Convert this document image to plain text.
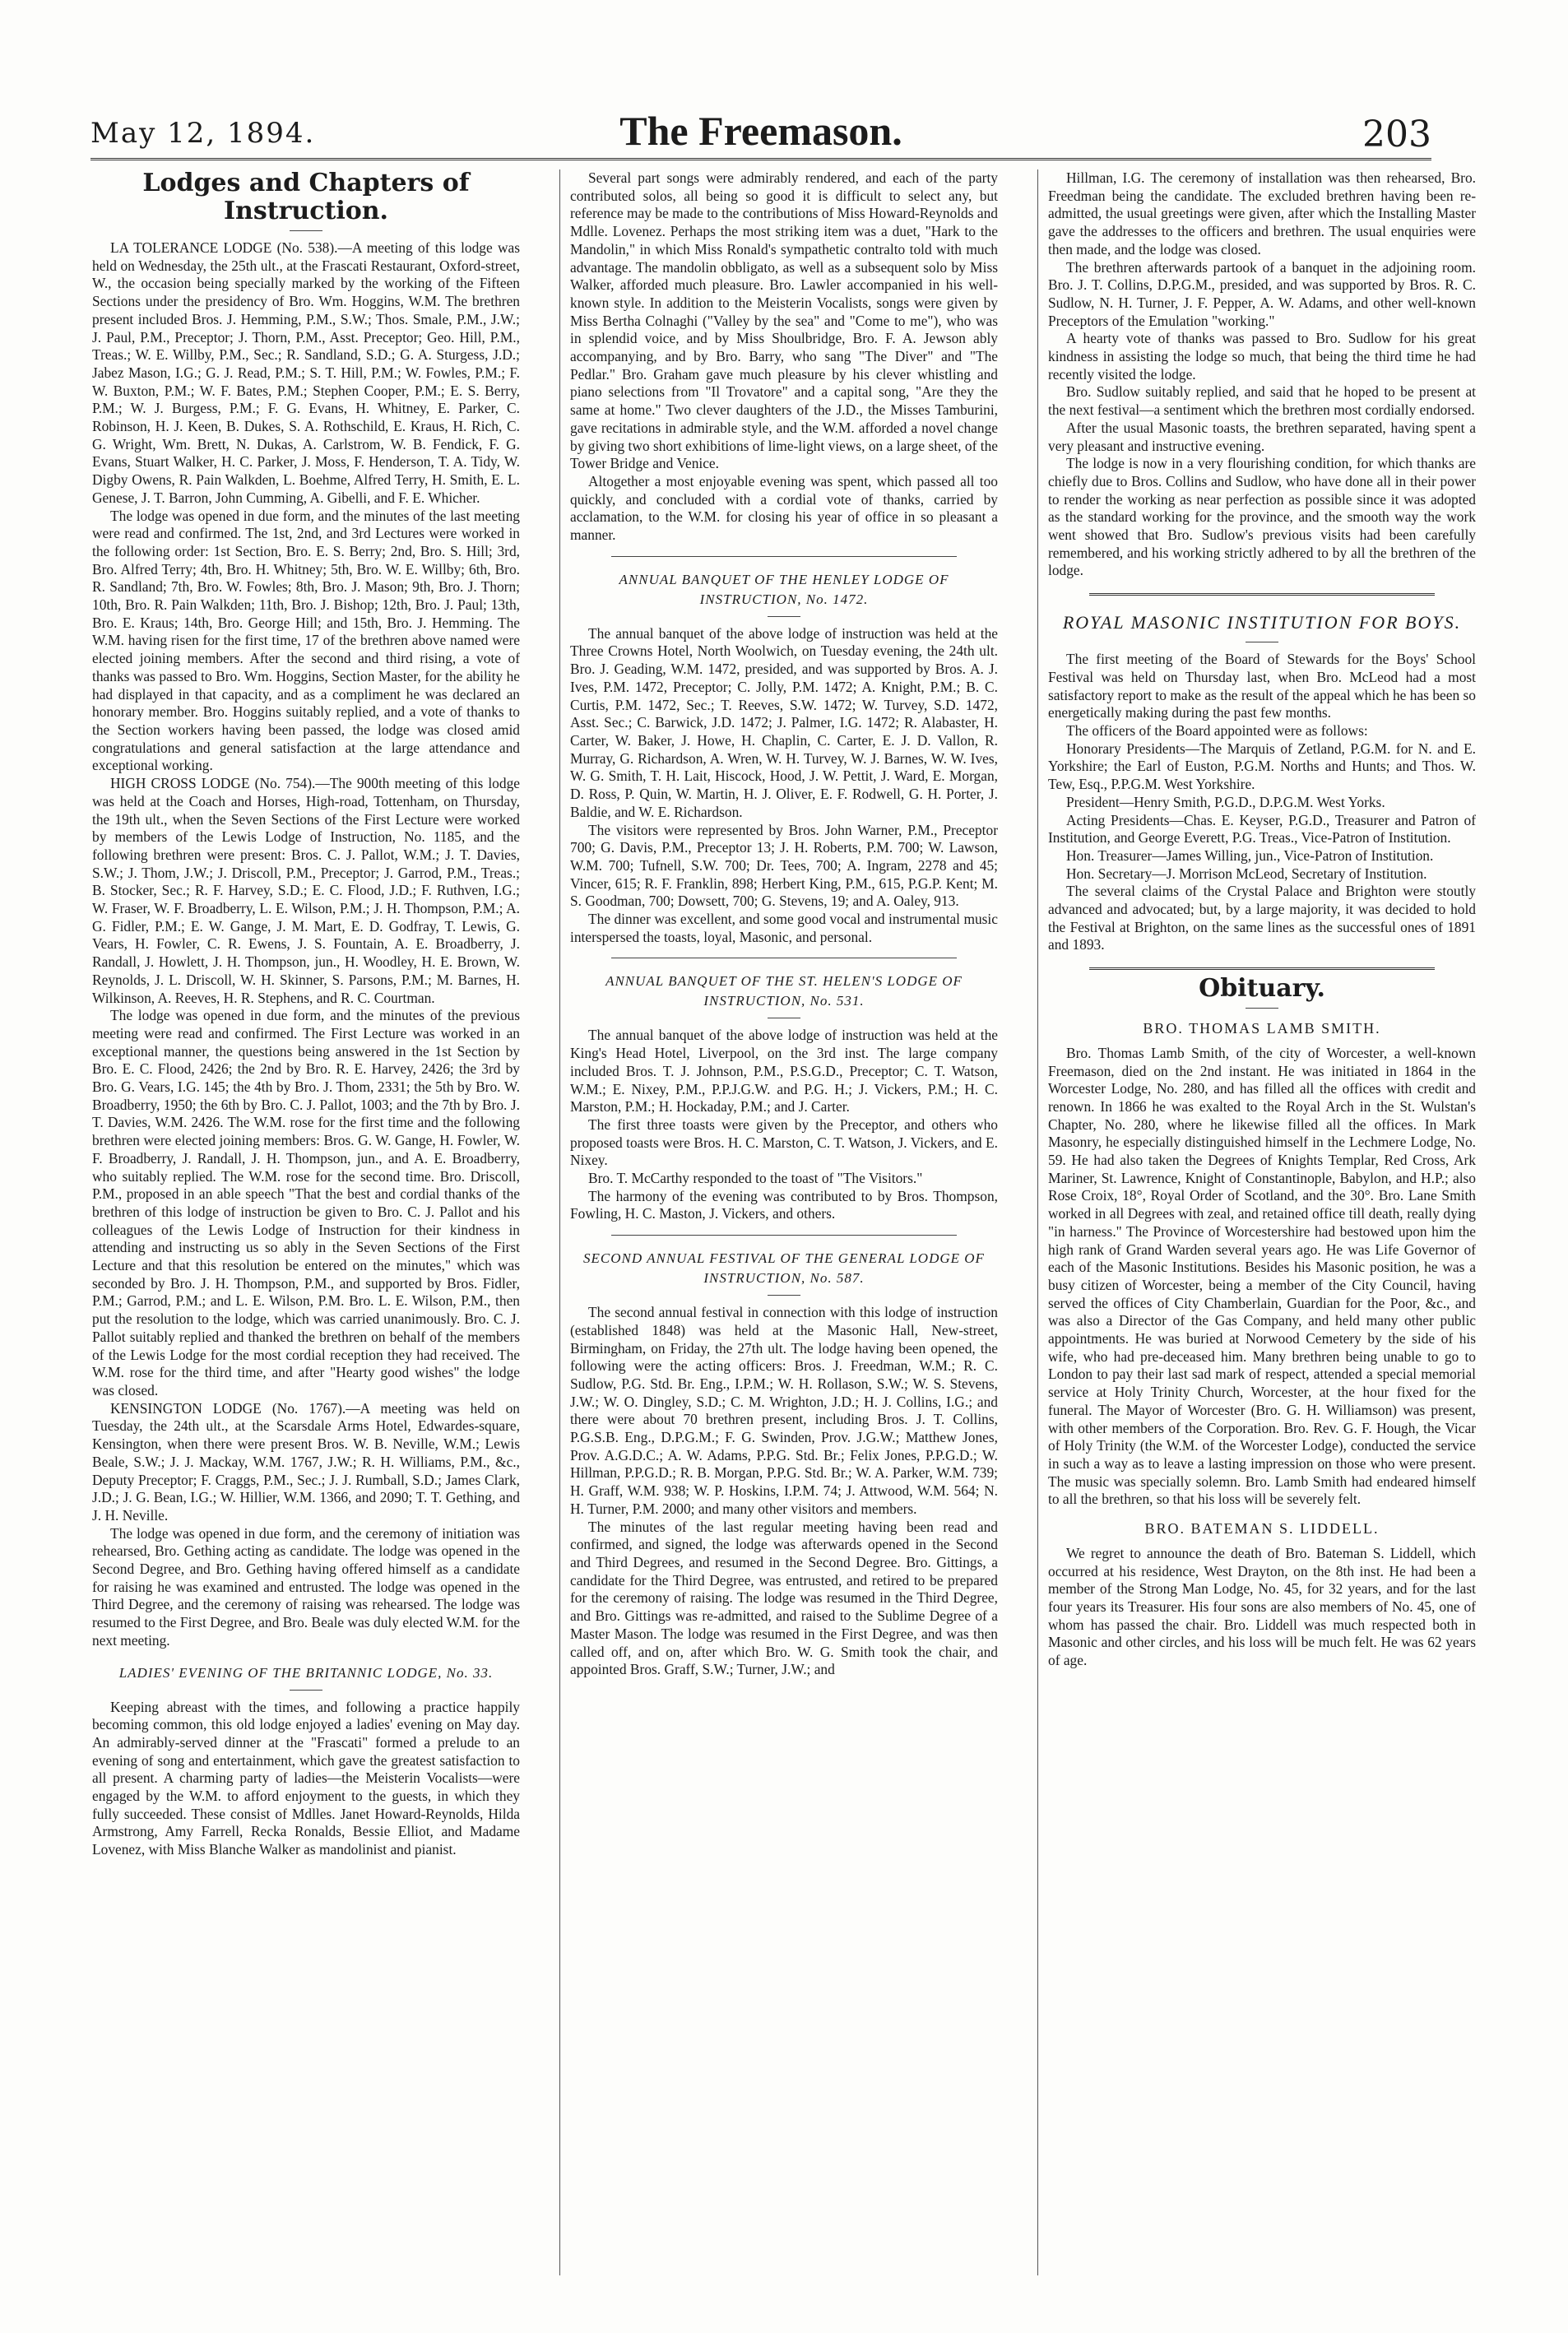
May 12, 1894.	The Freemason.	203
Lodges and Chapters of Instruction.

LA TOLERANCE LODGE (No. 538).—A meeting of this lodge was held on Wednesday, the 25th ult., at the Frascati Restaurant, Oxford-street, W., the occasion being specially marked by the working of the Fifteen Sections under the presidency of Bro. Wm. Hoggins, W.M. The brethren present included Bros. J. Hemming, P.M., S.W.; Thos. Smale, P.M., J.W.; J. Paul, P.M., Preceptor; J. Thorn, P.M., Asst. Preceptor; Geo. Hill, P.M., Treas.; W. E. Willby, P.M., Sec.; R. Sandland, S.D.; G. A. Sturgess, J.D.; Jabez Mason, I.G.; G. J. Read, P.M.; S. T. Hill, P.M.; W. Fowles, P.M.; F. W. Buxton, P.M.; W. F. Bates, P.M.; Stephen Cooper, P.M.; E. S. Berry, P.M.; W. J. Burgess, P.M.; F. G. Evans, H. Whitney, E. Parker, C. Robinson, H. J. Keen, B. Dukes, S. A. Rothschild, E. Kraus, H. Rich, C. G. Wright, Wm. Brett, N. Dukas, A. Carlstrom, W. B. Fendick, F. G. Evans, Stuart Walker, H. C. Parker, J. Moss, F. Henderson, T. A. Tidy, W. Digby Owens, R. Pain Walkden, L. Boehme, Alfred Terry, H. Smith, E. L. Genese, J. T. Barron, John Cumming, A. Gibelli, and F. E. Whicher.

The lodge was opened in due form, and the minutes of the last meeting were read and confirmed. The 1st, 2nd, and 3rd Lectures were worked in the following order: 1st Section, Bro. E. S. Berry; 2nd, Bro. S. Hill; 3rd, Bro. Alfred Terry; 4th, Bro. H. Whitney; 5th, Bro. W. E. Willby; 6th, Bro. R. Sandland; 7th, Bro. W. Fowles; 8th, Bro. J. Mason; 9th, Bro. J. Thorn; 10th, Bro. R. Pain Walkden; 11th, Bro. J. Bishop; 12th, Bro. J. Paul; 13th, Bro. E. Kraus; 14th, Bro. George Hill; and 15th, Bro. J. Hemming. The W.M. having risen for the first time, 17 of the brethren above named were elected joining members. After the second and third rising, a vote of thanks was passed to Bro. Wm. Hoggins, Section Master, for the ability he had displayed in that capacity, and as a compliment he was declared an honorary member. Bro. Hoggins suitably replied, and a vote of thanks to the Section workers having been passed, the lodge was closed amid congratulations and general satisfaction at the large attendance and exceptional working.

HIGH CROSS LODGE (No. 754).—The 900th meeting of this lodge was held at the Coach and Horses, High-road, Tottenham, on Thursday, the 19th ult., when the Seven Sections of the First Lecture were worked by members of the Lewis Lodge of Instruction, No. 1185, and the following brethren were present: Bros. C. J. Pallot, W.M.; J. T. Davies, S.W.; J. Thom, J.W.; J. Driscoll, P.M., Preceptor; J. Garrod, P.M., Treas.; B. Stocker, Sec.; R. F. Harvey, S.D.; E. C. Flood, J.D.; F. Ruthven, I.G.; W. Fraser, W. F. Broadberry, L. E. Wilson, P.M.; J. H. Thompson, P.M.; A. G. Fidler, P.M.; E. W. Gange, J. M. Mart, E. D. Godfray, T. Lewis, G. Vears, H. Fowler, C. R. Ewens, J. S. Fountain, A. E. Broadberry, J. Randall, J. Howlett, J. H. Thompson, jun., H. Woodley, H. E. Brown, W. Reynolds, J. L. Driscoll, W. H. Skinner, S. Parsons, P.M.; M. Barnes, H. Wilkinson, A. Reeves, H. R. Stephens, and R. C. Courtman.

The lodge was opened in due form, and the minutes of the previous meeting were read and confirmed. The First Lecture was worked in an exceptional manner, the questions being answered in the 1st Section by Bro. E. C. Flood, 2426; the 2nd by Bro. R. E. Harvey, 2426; the 3rd by Bro. G. Vears, I.G. 145; the 4th by Bro. J. Thom, 2331; the 5th by Bro. W. Broadberry, 1950; the 6th by Bro. C. J. Pallot, 1003; and the 7th by Bro. J. T. Davies, W.M. 2426. The W.M. rose for the first time and the following brethren were elected joining members: Bros. G. W. Gange, H. Fowler, W. F. Broadberry, J. Randall, J. H. Thompson, jun., and A. E. Broadberry, who suitably replied. The W.M. rose for the second time. Bro. Driscoll, P.M., proposed in an able speech "That the best and cordial thanks of the brethren of this lodge of instruction be given to Bro. C. J. Pallot and his colleagues of the Lewis Lodge of Instruction for their kindness in attending and instructing us so ably in the Seven Sections of the First Lecture and that this resolution be entered on the minutes," which was seconded by Bro. J. H. Thompson, P.M., and supported by Bros. Fidler, P.M.; Garrod, P.M.; and L. E. Wilson, P.M. Bro. L. E. Wilson, P.M., then put the resolution to the lodge, which was carried unanimously. Bro. C. J. Pallot suitably replied and thanked the brethren on behalf of the members of the Lewis Lodge for the most cordial reception they had received. The W.M. rose for the third time, and after "Hearty good wishes" the lodge was closed.

KENSINGTON LODGE (No. 1767).—A meeting was held on Tuesday, the 24th ult., at the Scarsdale Arms Hotel, Edwardes-square, Kensington, when there were present Bros. W. B. Neville, W.M.; Lewis Beale, S.W.; J. J. Mackay, W.M. 1767, J.W.; R. H. Williams, P.M., &c., Deputy Preceptor; F. Craggs, P.M., Sec.; J. J. Rumball, S.D.; James Clark, J.D.; J. G. Bean, I.G.; W. Hillier, W.M. 1366, and 2090; T. T. Gething, and J. H. Neville.

The lodge was opened in due form, and the ceremony of initiation was rehearsed, Bro. Gething acting as candidate. The lodge was opened in the Second Degree, and Bro. Gething having offered himself as a candidate for raising he was examined and entrusted. The lodge was opened in the Third Degree, and the ceremony of raising was rehearsed. The lodge was resumed to the First Degree, and Bro. Beale was duly elected W.M. for the next meeting.

LADIES' EVENING OF THE BRITANNIC LODGE, No. 33.

Keeping abreast with the times, and following a practice happily becoming common, this old lodge enjoyed a ladies' evening on May day. An admirably-served dinner at the "Frascati" formed a prelude to an evening of song and entertainment, which gave the greatest satisfaction to all present. A charming party of ladies—the Meisterin Vocalists—were engaged by the W.M. to afford enjoyment to the guests, in which they fully succeeded. These consist of Mdlles. Janet Howard-Reynolds, Hilda Armstrong, Amy Farrell, Recka Ronalds, Bessie Elliot, and Madame Lovenez, with Miss Blanche Walker as mandolinist and pianist.

Several part songs were admirably rendered, and each of the party contributed solos, all being so good it is difficult to select any, but reference may be made to the contributions of Miss Howard-Reynolds and Mdlle. Lovenez. Perhaps the most striking item was a duet, "Hark to the Mandolin," in which Miss Ronald's sympathetic contralto told with much advantage. The mandolin obbligato, as well as a subsequent solo by Miss Walker, afforded much pleasure. Bro. Lawler accompanied in his well-known style. In addition to the Meisterin Vocalists, songs were given by Miss Bertha Colnaghi ("Valley by the sea" and "Come to me"), who was in splendid voice, and by Miss Shoulbridge, Bro. F. A. Jewson ably accompanying, and by Bro. Barry, who sang "The Diver" and "The Pedlar." Bro. Graham gave much pleasure by his clever whistling and piano selections from "Il Trovatore" and a capital song, "Are they the same at home." Two clever daughters of the J.D., the Misses Tamburini, gave recitations in admirable style, and the W.M. afforded a novel change by giving two short exhibitions of lime-light views, on a large sheet, of the Tower Bridge and Venice.

Altogether a most enjoyable evening was spent, which passed all too quickly, and concluded with a cordial vote of thanks, carried by acclamation, to the W.M. for closing his year of office in so pleasant a manner.

ANNUAL BANQUET OF THE HENLEY LODGE OF INSTRUCTION, No. 1472.

The annual banquet of the above lodge of instruction was held at the Three Crowns Hotel, North Woolwich, on Tuesday evening, the 24th ult. Bro. J. Geading, W.M. 1472, presided, and was supported by Bros. A. J. Ives, P.M. 1472, Preceptor; C. Jolly, P.M. 1472; A. Knight, P.M.; B. C. Curtis, P.M. 1472, Sec.; T. Reeves, S.W. 1472; W. Turvey, S.D. 1472, Asst. Sec.; C. Barwick, J.D. 1472; J. Palmer, I.G. 1472; R. Alabaster, H. Carter, W. Baker, J. Howe, H. Chaplin, C. Carter, E. J. D. Vallon, R. Murray, G. Richardson, A. Wren, W. H. Turvey, W. J. Barnes, W. W. Ives, W. G. Smith, T. H. Lait, Hiscock, Hood, J. W. Pettit, J. Ward, E. Morgan, D. Ross, P. Quin, W. Martin, H. J. Oliver, E. F. Rodwell, G. H. Porter, J. Baldie, and W. E. Richardson.

The visitors were represented by Bros. John Warner, P.M., Preceptor 700; G. Davis, P.M., Preceptor 13; J. H. Roberts, P.M. 700; W. Lawson, W.M. 700; Tufnell, S.W. 700; Dr. Tees, 700; A. Ingram, 2278 and 45; Vincer, 615; R. F. Franklin, 898; Herbert King, P.M., 615, P.G.P. Kent; M. S. Goodman, 700; Dowsett, 700; G. Stevens, 19; and A. Oaley, 913.

The dinner was excellent, and some good vocal and instrumental music interspersed the toasts, loyal, Masonic, and personal.

ANNUAL BANQUET OF THE ST. HELEN'S LODGE OF INSTRUCTION, No. 531.

The annual banquet of the above lodge of instruction was held at the King's Head Hotel, Liverpool, on the 3rd inst. The large company included Bros. T. J. Johnson, P.M., P.S.G.D., Preceptor; C. T. Watson, W.M.; E. Nixey, P.M., P.P.J.G.W. and P.G. H.; J. Vickers, P.M.; H. C. Marston, P.M.; H. Hockaday, P.M.; and J. Carter.

The first three toasts were given by the Preceptor, and others who proposed toasts were Bros. H. C. Marston, C. T. Watson, J. Vickers, and E. Nixey.

Bro. T. McCarthy responded to the toast of "The Visitors."

The harmony of the evening was contributed to by Bros. Thompson, Fowling, H. C. Maston, J. Vickers, and others.

SECOND ANNUAL FESTIVAL OF THE GENERAL LODGE OF INSTRUCTION, No. 587.

The second annual festival in connection with this lodge of instruction (established 1848) was held at the Masonic Hall, New-street, Birmingham, on Friday, the 27th ult. The lodge having been opened, the following were the acting officers: Bros. J. Freedman, W.M.; R. C. Sudlow, P.G. Std. Br. Eng., I.P.M.; W. H. Rollason, S.W.; W. S. Stevens, J.W.; W. O. Dingley, S.D.; C. M. Wrighton, J.D.; H. J. Collins, I.G.; and there were about 70 brethren present, including Bros. J. T. Collins, P.G.S.B. Eng., D.P.G.M.; F. G. Swinden, Prov. J.G.W.; Matthew Jones, Prov. A.G.D.C.; A. W. Adams, P.P.G. Std. Br.; Felix Jones, P.P.G.D.; W. Hillman, P.P.G.D.; R. B. Morgan, P.P.G. Std. Br.; W. A. Parker, W.M. 739; H. Graff, W.M. 938; W. P. Hoskins, I.P.M. 74; J. Attwood, W.M. 564; N. H. Turner, P.M. 2000; and many other visitors and members.

The minutes of the last regular meeting having been read and confirmed, and signed, the lodge was afterwards opened in the Second and Third Degrees, and resumed in the Second Degree. Bro. Gittings, a candidate for the Third Degree, was entrusted, and retired to be prepared for the ceremony of raising. The lodge was resumed in the Third Degree, and Bro. Gittings was re-admitted, and raised to the Sublime Degree of a Master Mason. The lodge was resumed in the First Degree, and was then called off, and on, after which Bro. W. G. Smith took the chair, and appointed Bros. Graff, S.W.; Turner, J.W.; and

Hillman, I.G. The ceremony of installation was then rehearsed, Bro. Freedman being the candidate. The excluded brethren having been re-admitted, the usual greetings were given, after which the Installing Master gave the addresses to the officers and brethren. The usual enquiries were then made, and the lodge was closed.

The brethren afterwards partook of a banquet in the adjoining room. Bro. J. T. Collins, D.P.G.M., presided, and was supported by Bros. R. C. Sudlow, N. H. Turner, J. F. Pepper, A. W. Adams, and other well-known Preceptors of the Emulation "working."

A hearty vote of thanks was passed to Bro. Sudlow for his great kindness in assisting the lodge so much, that being the third time he had recently visited the lodge.

Bro. Sudlow suitably replied, and said that he hoped to be present at the next festival—a sentiment which the brethren most cordially endorsed.

After the usual Masonic toasts, the brethren separated, having spent a very pleasant and instructive evening.

The lodge is now in a very flourishing condition, for which thanks are chiefly due to Bros. Collins and Sudlow, who have done all in their power to render the working as near perfection as possible since it was adopted as the standard working for the province, and the smooth way the work went showed that Bro. Sudlow's previous visits had been carefully remembered, and his working strictly adhered to by all the brethren of the lodge.

ROYAL MASONIC INSTITUTION FOR BOYS.

The first meeting of the Board of Stewards for the Boys' School Festival was held on Thursday last, when Bro. McLeod had a most satisfactory report to make as the result of the appeal which he has been so energetically making during the past few months.

The officers of the Board appointed were as follows:

Honorary Presidents—The Marquis of Zetland, P.G.M. for N. and E. Yorkshire; the Earl of Euston, P.G.M. Norths and Hunts; and Thos. W. Tew, Esq., P.P.G.M. West Yorkshire.

President—Henry Smith, P.G.D., D.P.G.M. West Yorks.

Acting Presidents—Chas. E. Keyser, P.G.D., Treasurer and Patron of Institution, and George Everett, P.G. Treas., Vice-Patron of Institution.

Hon. Treasurer—James Willing, jun., Vice-Patron of Institution.

Hon. Secretary—J. Morrison McLeod, Secretary of Institution.

The several claims of the Crystal Palace and Brighton were stoutly advanced and advocated; but, by a large majority, it was decided to hold the Festival at Brighton, on the same lines as the successful ones of 1891 and 1893.

Obituary.
BRO. THOMAS LAMB SMITH.

Bro. Thomas Lamb Smith, of the city of Worcester, a well-known Freemason, died on the 2nd instant. He was initiated in 1864 in the Worcester Lodge, No. 280, and has filled all the offices with credit and renown. In 1866 he was exalted to the Royal Arch in the St. Wulstan's Chapter, No. 280, where he likewise filled all the offices. In Mark Masonry, he especially distinguished himself in the Lechmere Lodge, No. 59. He had also taken the Degrees of Knights Templar, Red Cross, Ark Mariner, St. Lawrence, Knight of Constantinople, Babylon, and H.P.; also Rose Croix, 18°, Royal Order of Scotland, and the 30°. Bro. Lane Smith worked in all Degrees with zeal, and retained office till death, really dying "in harness." The Province of Worcestershire had bestowed upon him the high rank of Grand Warden several years ago. He was Life Governor of each of the Masonic Institutions. Besides his Masonic position, he was a busy citizen of Worcester, being a member of the City Council, having served the offices of City Chamberlain, Guardian for the Poor, &c., and was also a Director of the Gas Company, and held many other public appointments. He was buried at Norwood Cemetery by the side of his wife, who had pre-deceased him. Many brethren being unable to go to London to pay their last sad mark of respect, attended a special memorial service at Holy Trinity Church, Worcester, at the hour fixed for the funeral. The Mayor of Worcester (Bro. G. H. Williamson) was present, with other members of the Corporation. Bro. Rev. G. F. Hough, the Vicar of Holy Trinity (the W.M. of the Worcester Lodge), conducted the service in such a way as to leave a lasting impression on those who were present. The music was specially solemn. Bro. Lamb Smith had endeared himself to all the brethren, so that his loss will be severely felt.

BRO. BATEMAN S. LIDDELL.

We regret to announce the death of Bro. Bateman S. Liddell, which occurred at his residence, West Drayton, on the 8th inst. He had been a member of the Strong Man Lodge, No. 45, for 32 years, and for the last four years its Treasurer. His four sons are also members of No. 45, one of whom has passed the chair. Bro. Liddell was much respected both in Masonic and other circles, and his loss will be much felt. He was 62 years of age.
